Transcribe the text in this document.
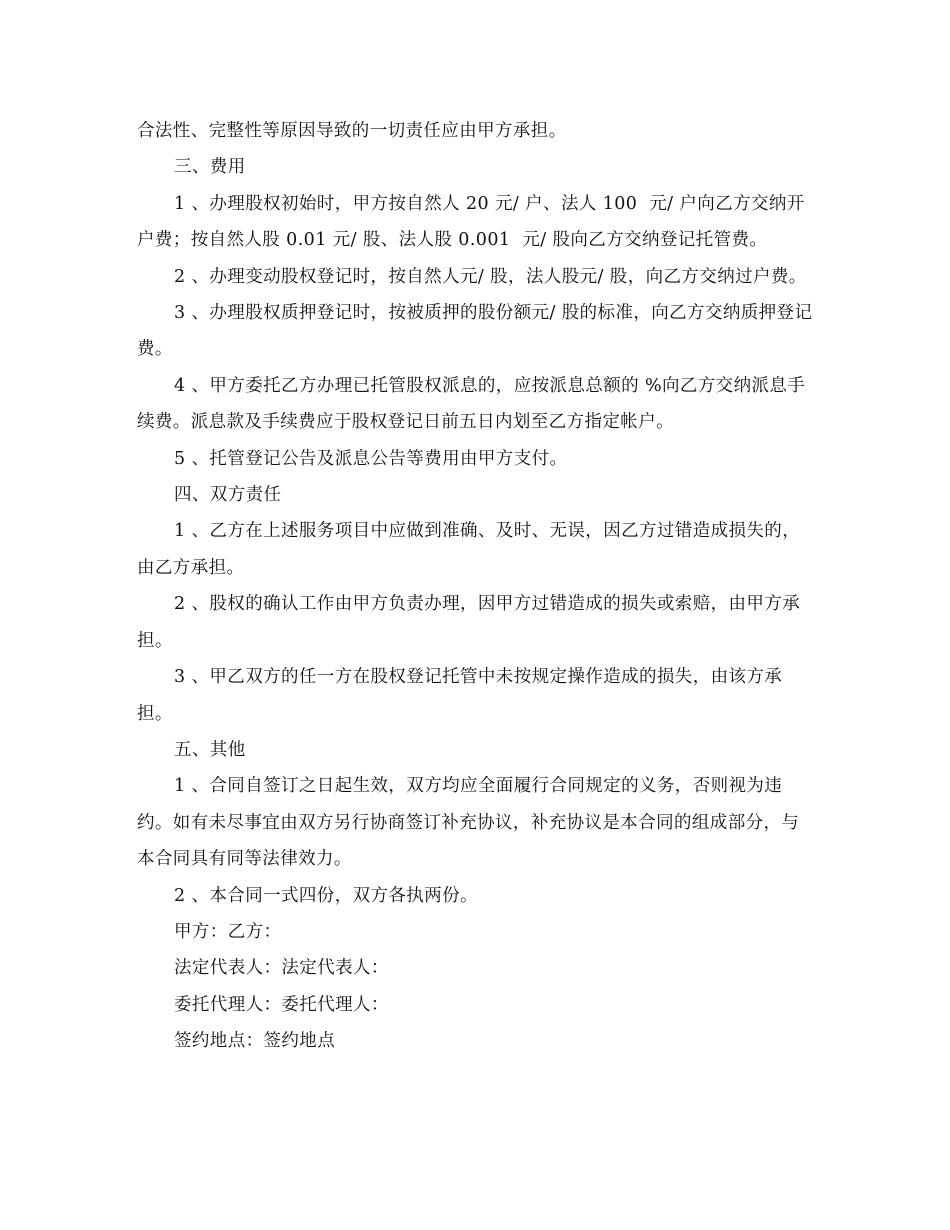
合法性、完整性等原因导致的一切责任应由甲方承担。

三、费用

1 、办理股权初始时，甲方按自然人 20 元/ 户、法人 100  元/ 户向乙方交纳开户费；按自然人股 0.01 元/ 股、法人股 0.001  元/ 股向乙方交纳登记托管费。

2 、办理变动股权登记时，按自然人元/ 股，法人股元/ 股，向乙方交纳过户费。

3 、办理股权质押登记时，按被质押的股份额元/ 股的标准，向乙方交纳质押登记费。

4 、甲方委托乙方办理已托管股权派息的，应按派息总额的 %向乙方交纳派息手续费。派息款及手续费应于股权登记日前五日内划至乙方指定帐户。

5 、托管登记公告及派息公告等费用由甲方支付。

四、双方责任

1 、乙方在上述服务项目中应做到准确、及时、无误，因乙方过错造成损失的，由乙方承担。

2 、股权的确认工作由甲方负责办理，因甲方过错造成的损失或索赔，由甲方承担。

3 、甲乙双方的任一方在股权登记托管中未按规定操作造成的损失，由该方承担。

五、其他

1 、合同自签订之日起生效，双方均应全面履行合同规定的义务，否则视为违约。如有未尽事宜由双方另行协商签订补充协议，补充协议是本合同的组成部分，与本合同具有同等法律效力。

2 、本合同一式四份，双方各执两份。

甲方：乙方：

法定代表人：法定代表人：

委托代理人：委托代理人：

签约地点：签约地点
